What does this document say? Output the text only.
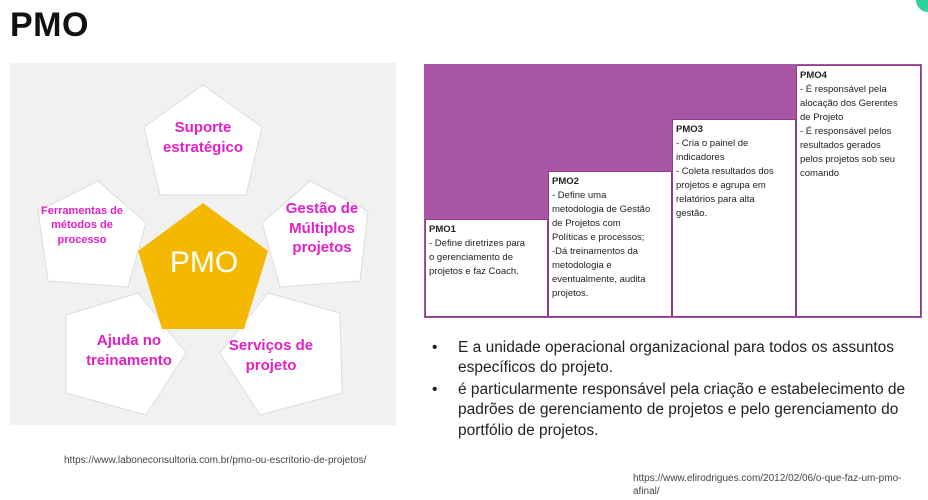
PMO
PMO
Suporte
estratégico
Gestão de
Múltiplos
projetos
Serviços de
projeto
Ajuda no
treinamento
Ferramentas de
métodos de
processo
https://www.laboneconsultoria.com.br/pmo-ou-escritorio-de-projetos/
PMO1
- Define diretrizes para
o gerenciamento de
projetos e faz Coach.
PMO2
- Define uma
metodologia de Gestão
de Projetos com
Políticas e processos;
-Dá treinamentos da
metodologia e
eventualmente, audita
projetos.
PMO3
- Cria o painel de
indicadores
- Coleta resultados dos
projetos e agrupa em
relatórios para alta
gestão.
PMO4
- É responsável pela
alocação dos Gerentes
de Projeto
- É responsável pelos
resultados gerados
pelos projetos sob seu
comando
• E a unidade operacional organizacional para todos os assuntos específicos do projeto.
• é particularmente responsável pela criação e estabelecimento de padrões de gerenciamento de projetos e pelo gerenciamento do portfólio de projetos.
https://www.elirodrigues.com/2012/02/06/o-que-faz-um-pmo-afinal/
